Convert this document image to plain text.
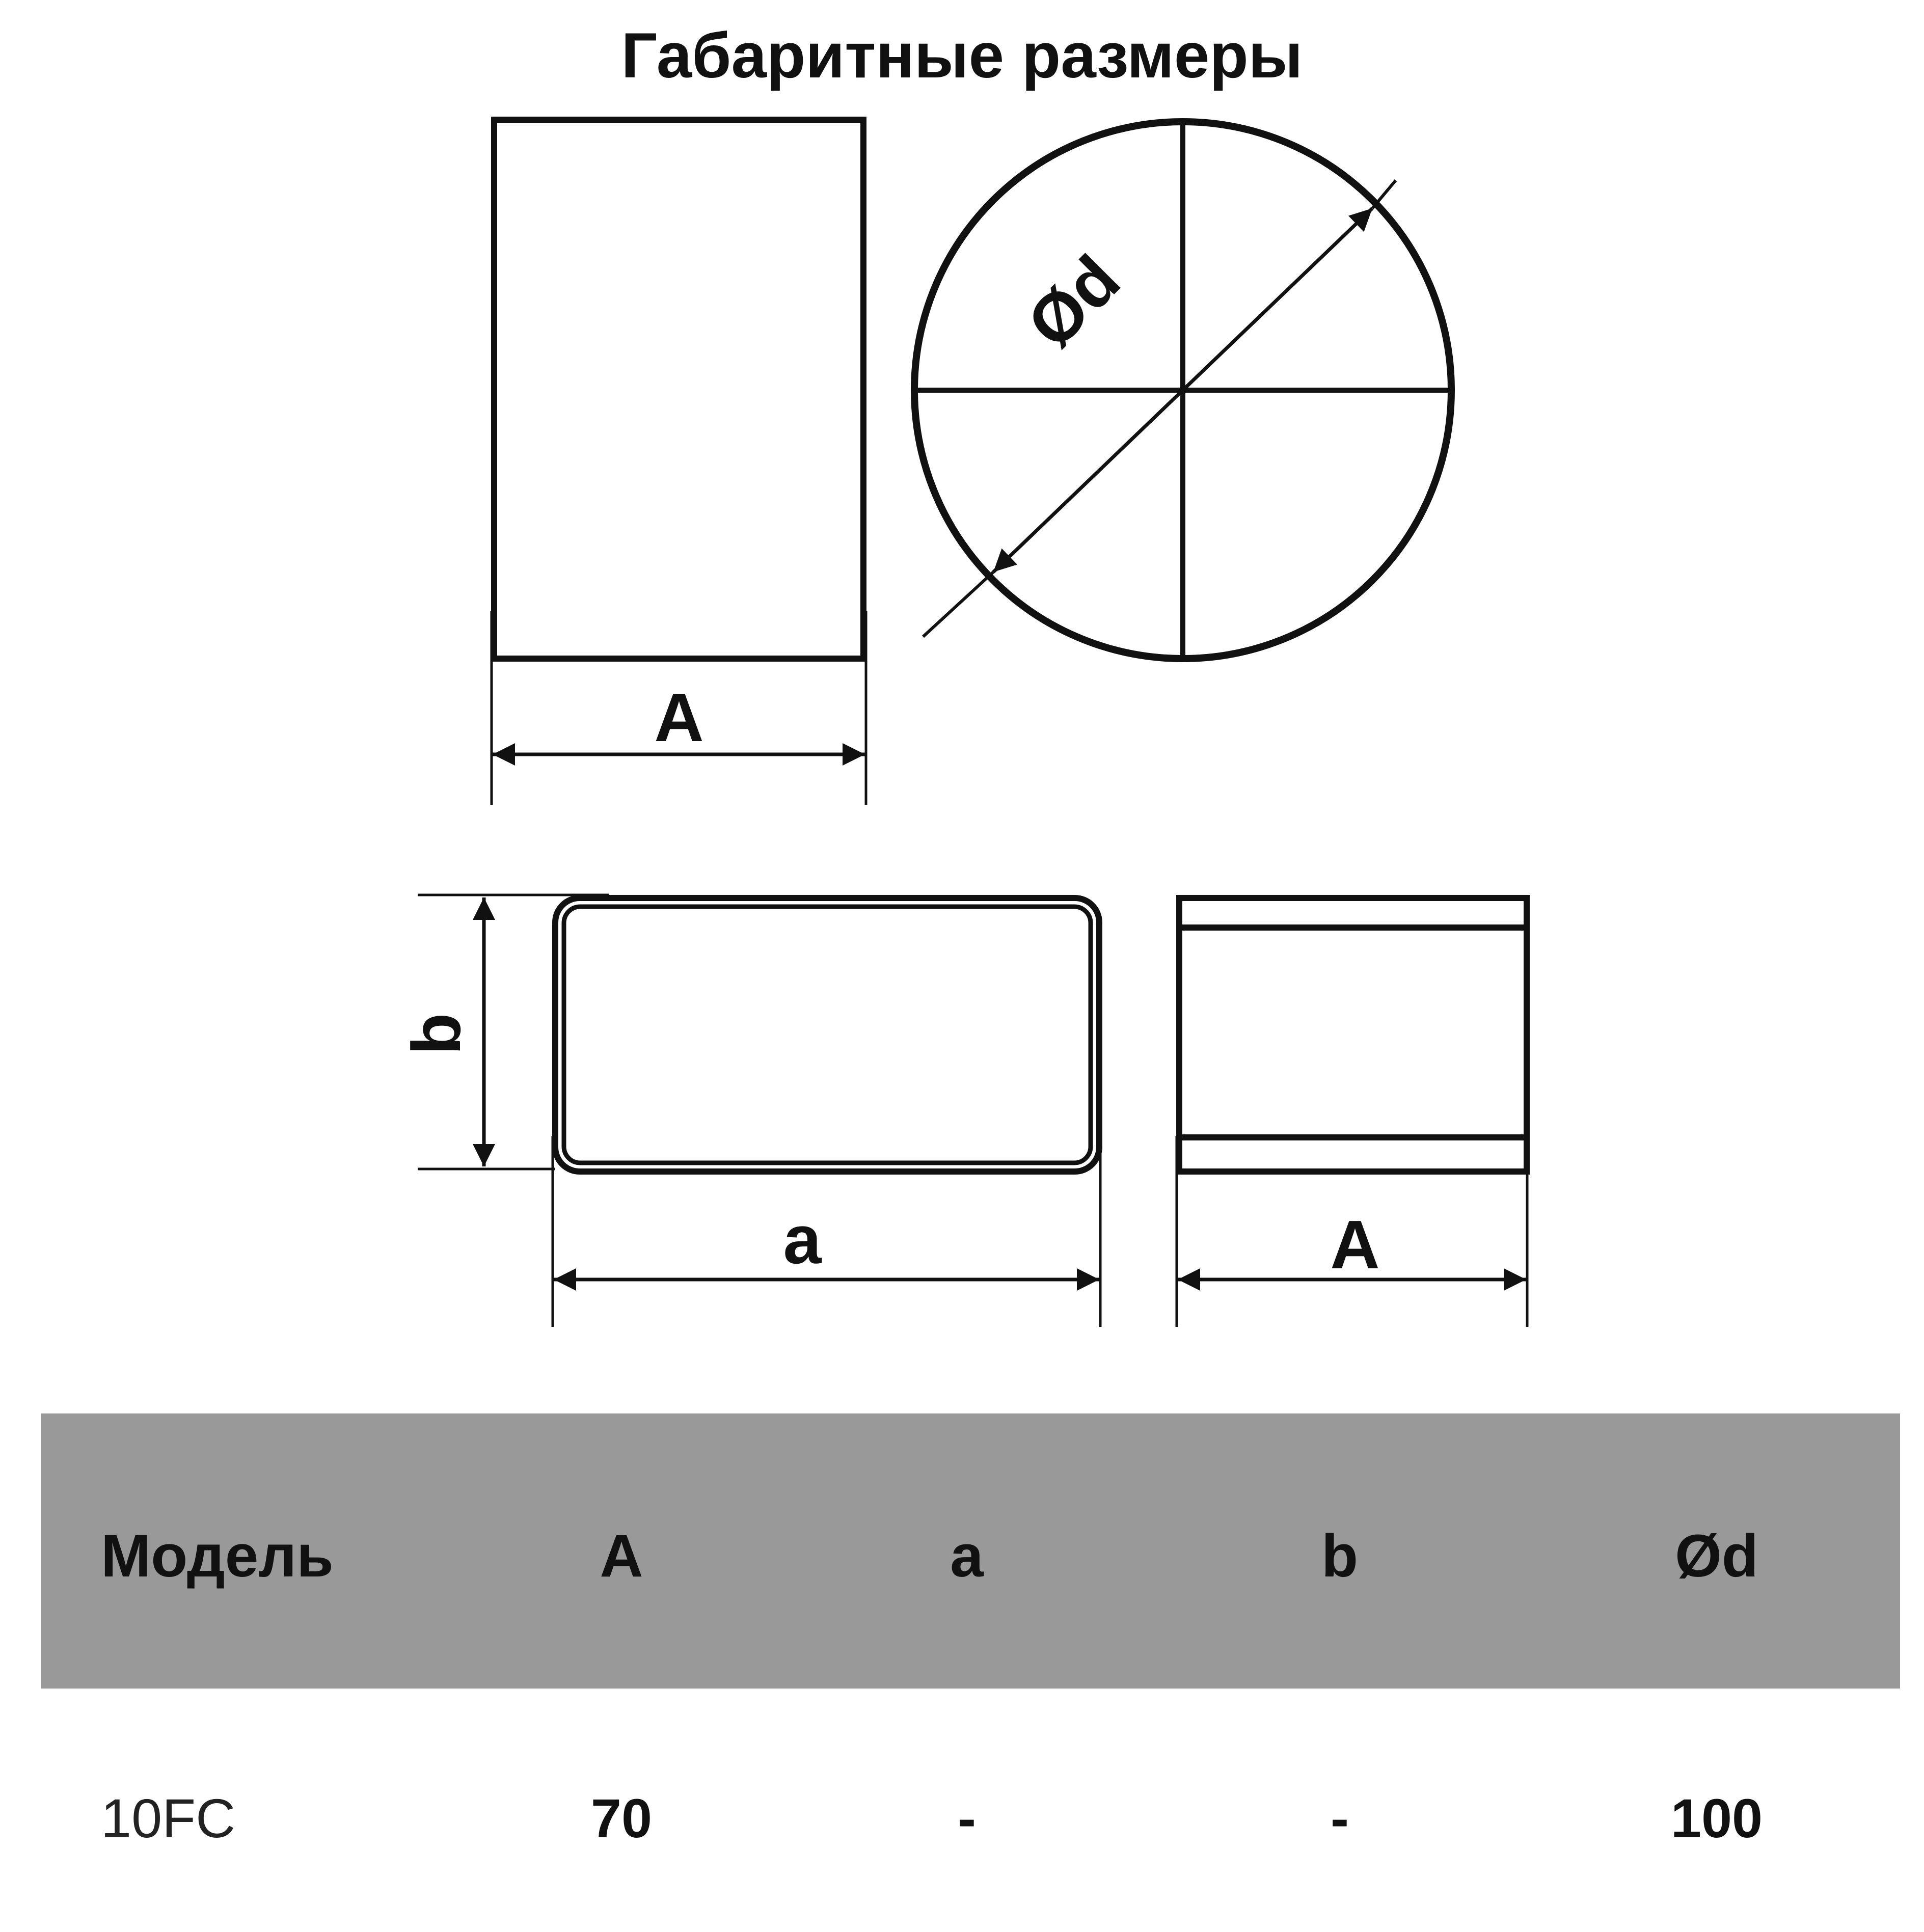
Габаритные размеры
A
Ød
b
a	A
Модель	A	a	b	Ød
10FC	70	-	-	100
